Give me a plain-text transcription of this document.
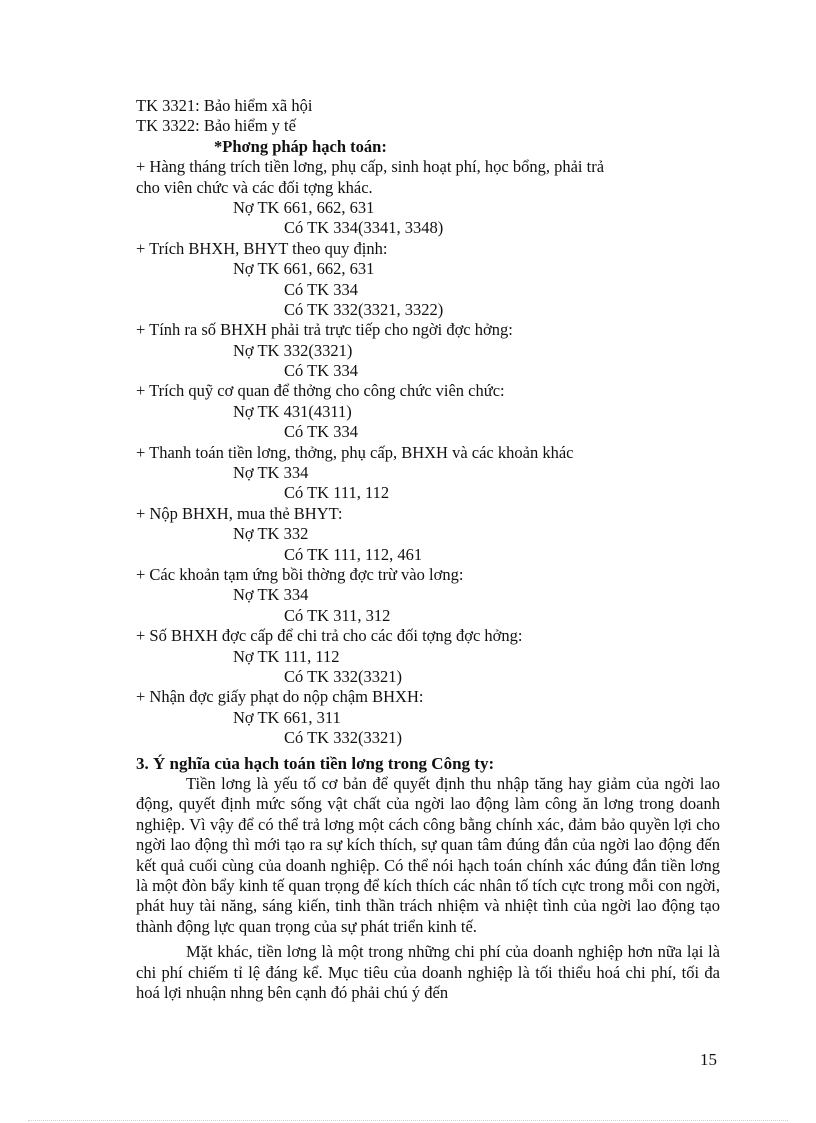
TK 3321: Bảo hiểm xã hội
TK 3322: Bảo hiểm y tế
*Phơng pháp hạch toán:
+ Hàng tháng trích tiền lơng, phụ cấp, sinh hoạt phí, học bổng, phải trả
cho viên chức và các đối tợng khác.
Nợ TK 661, 662, 631
Có TK 334(3341, 3348)
+ Trích BHXH, BHYT theo quy định:
Nợ TK 661, 662, 631
Có TK 334
Có TK 332(3321, 3322)
+ Tính ra số BHXH phải trả trực tiếp cho ngời đợc hởng:
Nợ TK 332(3321)
Có TK 334
+ Trích quỹ cơ quan để thởng cho công chức viên chức:
Nợ TK 431(4311)
Có TK 334
+ Thanh toán tiền lơng, thởng, phụ cấp, BHXH và các khoản khác
Nợ TK 334
Có TK 111, 112
+ Nộp BHXH, mua thẻ BHYT:
Nợ TK 332
Có TK 111, 112, 461
+ Các khoản tạm ứng bồi thờng đợc trừ vào lơng:
Nợ TK 334
Có TK 311, 312
+ Số BHXH đợc cấp để chi trả cho các đối tợng đợc hởng:
Nợ TK 111, 112
Có TK 332(3321)
+ Nhận đợc giấy phạt do nộp chậm BHXH:
Nợ TK 661, 311
Có TK 332(3321)
3. Ý nghĩa của hạch toán tiền lơng trong Công ty:
Tiền lơng là yếu tố cơ bản để quyết định thu nhập tăng hay giảm của ngời lao động, quyết định mức sống vật chất của ngời lao động làm công ăn lơng trong doanh nghiệp. Vì vậy để có thể trả lơng một cách công bằng chính xác, đảm bảo quyền lợi cho ngời lao động thì mới tạo ra sự kích thích, sự quan tâm đúng đắn của ngời lao động đến kết quả cuối cùng của doanh nghiệp. Có thể nói hạch toán chính xác đúng đắn tiền lơng là một đòn bẩy kinh tế quan trọng để kích thích các nhân tố tích cực trong mỗi con ngời, phát huy tài năng, sáng kiến, tinh thần trách nhiệm và nhiệt tình của ngời lao động tạo thành động lực quan trọng của sự phát triển kinh tế.
Mặt khác, tiền lơng là một trong những chi phí của doanh nghiệp hơn nữa lại là chi phí chiếm tỉ lệ đáng kể. Mục tiêu của doanh nghiệp là tối thiểu hoá chi phí, tối đa hoá lợi nhuận nhng bên cạnh đó phải chú ý đến
15
